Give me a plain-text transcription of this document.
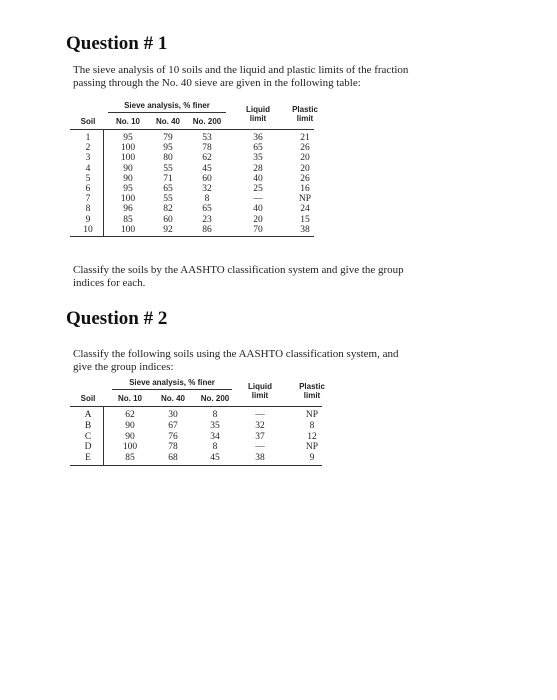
Question # 1

The sieve analysis of 10 soils and the liquid and plastic limits of the fraction
passing through the No. 40 sieve are given in the following table:

Sieve analysis, % finer
Soil	No. 10	No. 40	No. 200
Liquid
limit
Plastic
limit
1	95	79	53	36	21
2	100	95	78	65	26
3	100	80	62	35	20
4	90	55	45	28	20
5	90	71	60	40	26
6	95	65	32	25	16
7	100	55	8	—	NP
8	96	82	65	40	24
9	85	60	23	20	15
10	100	92	86	70	38

Classify the soils by the AASHTO classification system and give the group
indices for each.

Question # 2

Classify the following soils using the AASHTO classification system, and
give the group indices:

Sieve analysis, % finer
Soil	No. 10	No. 40	No. 200
Liquid
limit
Plastic
limit
A	62	30	8	—	NP
B	90	67	35	32	8
C	90	76	34	37	12
D	100	78	8	—	NP
E	85	68	45	38	9
